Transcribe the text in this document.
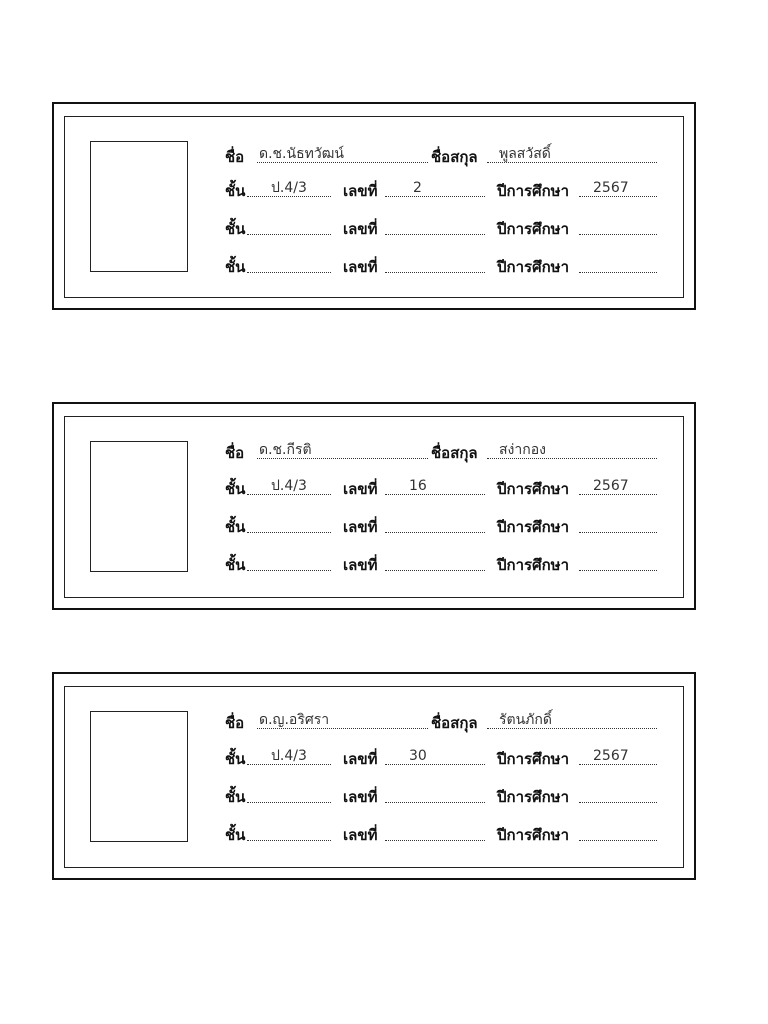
ชื่อ ด.ช.นัธทวัฒน์	ชื่อสกุล พูลสวัสดิ์
ชั้น ป.4/3 เลขที่	2	ปีการศึกษา 2567
ชั้น	เลขที่	ปีการศึกษา
ชั้น	เลขที่	ปีการศึกษา
ชื่อ ด.ช.กีรติ	ชื่อสกุล สง่ากอง
ชั้น ป.4/3 เลขที่ 16	ปีการศึกษา 2567
ชั้น	เลขที่	ปีการศึกษา
ชั้น	เลขที่	ปีการศึกษา
ชื่อ ด.ญ.อริศรา	ชื่อสกุล รัตนภักดิ์
ชั้น ป.4/3 เลขที่ 30	ปีการศึกษา 2567
ชั้น	เลขที่	ปีการศึกษา
ชั้น	เลขที่	ปีการศึกษา
